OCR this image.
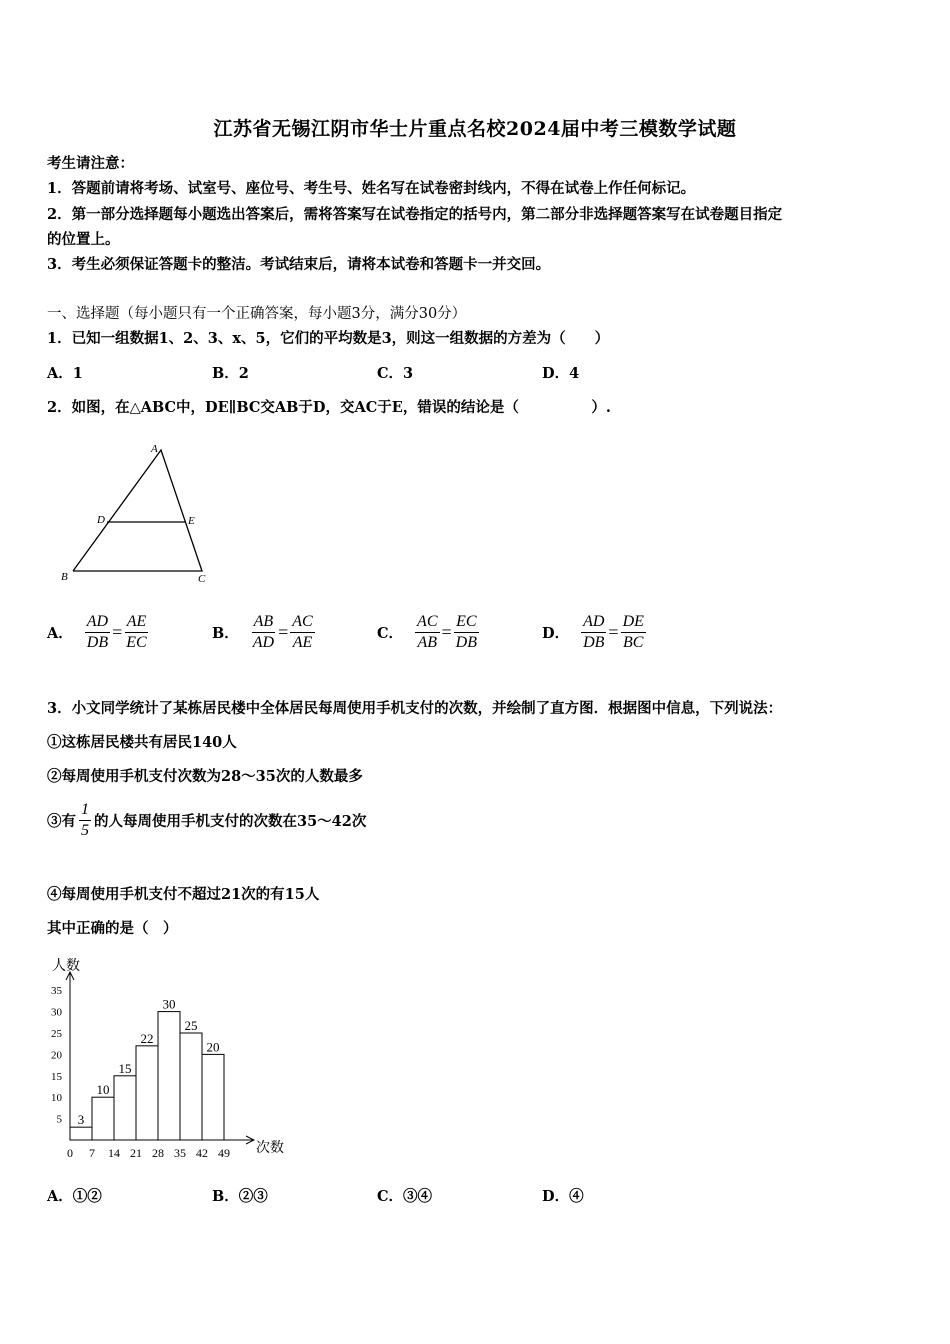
江苏省无锡江阴市华士片重点名校2024届中考三模数学试题
考生请注意：
1．答题前请将考场、试室号、座位号、考生号、姓名写在试卷密封线内，不得在试卷上作任何标记。
2．第一部分选择题每小题选出答案后，需将答案写在试卷指定的括号内，第二部分非选择题答案写在试卷题目指定
的位置上。
3．考生必须保证答题卡的整洁。考试结束后，请将本试卷和答题卡一并交回。
一、选择题（每小题只有一个正确答案，每小题3分，满分30分）
1．已知一组数据1、2、3、x、5，它们的平均数是3，则这一组数据的方差为（　　）
A．1	B．2	C．3	D．4
2．如图，在△ABC中，DE∥BC交AB于D，交AC于E，错误的结论是（　　　　　）.
A
D	E
B	C
A． $\frac{AD}{DB} = \frac{AE}{EC}$	B． $\frac{AB}{AD} = \frac{AC}{AE}$	C． $\frac{AC}{AB} = \frac{EC}{DB}$	D． $\frac{AD}{DB} = \frac{DE}{BC}$
3．小文同学统计了某栋居民楼中全体居民每周使用手机支付的次数，并绘制了直方图．根据图中信息，下列说法：
①这栋居民楼共有居民140人
②每周使用手机支付次数为28～35次的人数最多
③有 $\frac{1}{5}$ 的人每周使用手机支付的次数在35～42次
④每周使用手机支付不超过21次的有15人
其中正确的是（　）
人数
次数
5
10
15
20
25
30
35
0 7 14 21 28 35 42 49
3
10
15
22
30
25
20
A．①②	B．②③	C．③④	D．④
